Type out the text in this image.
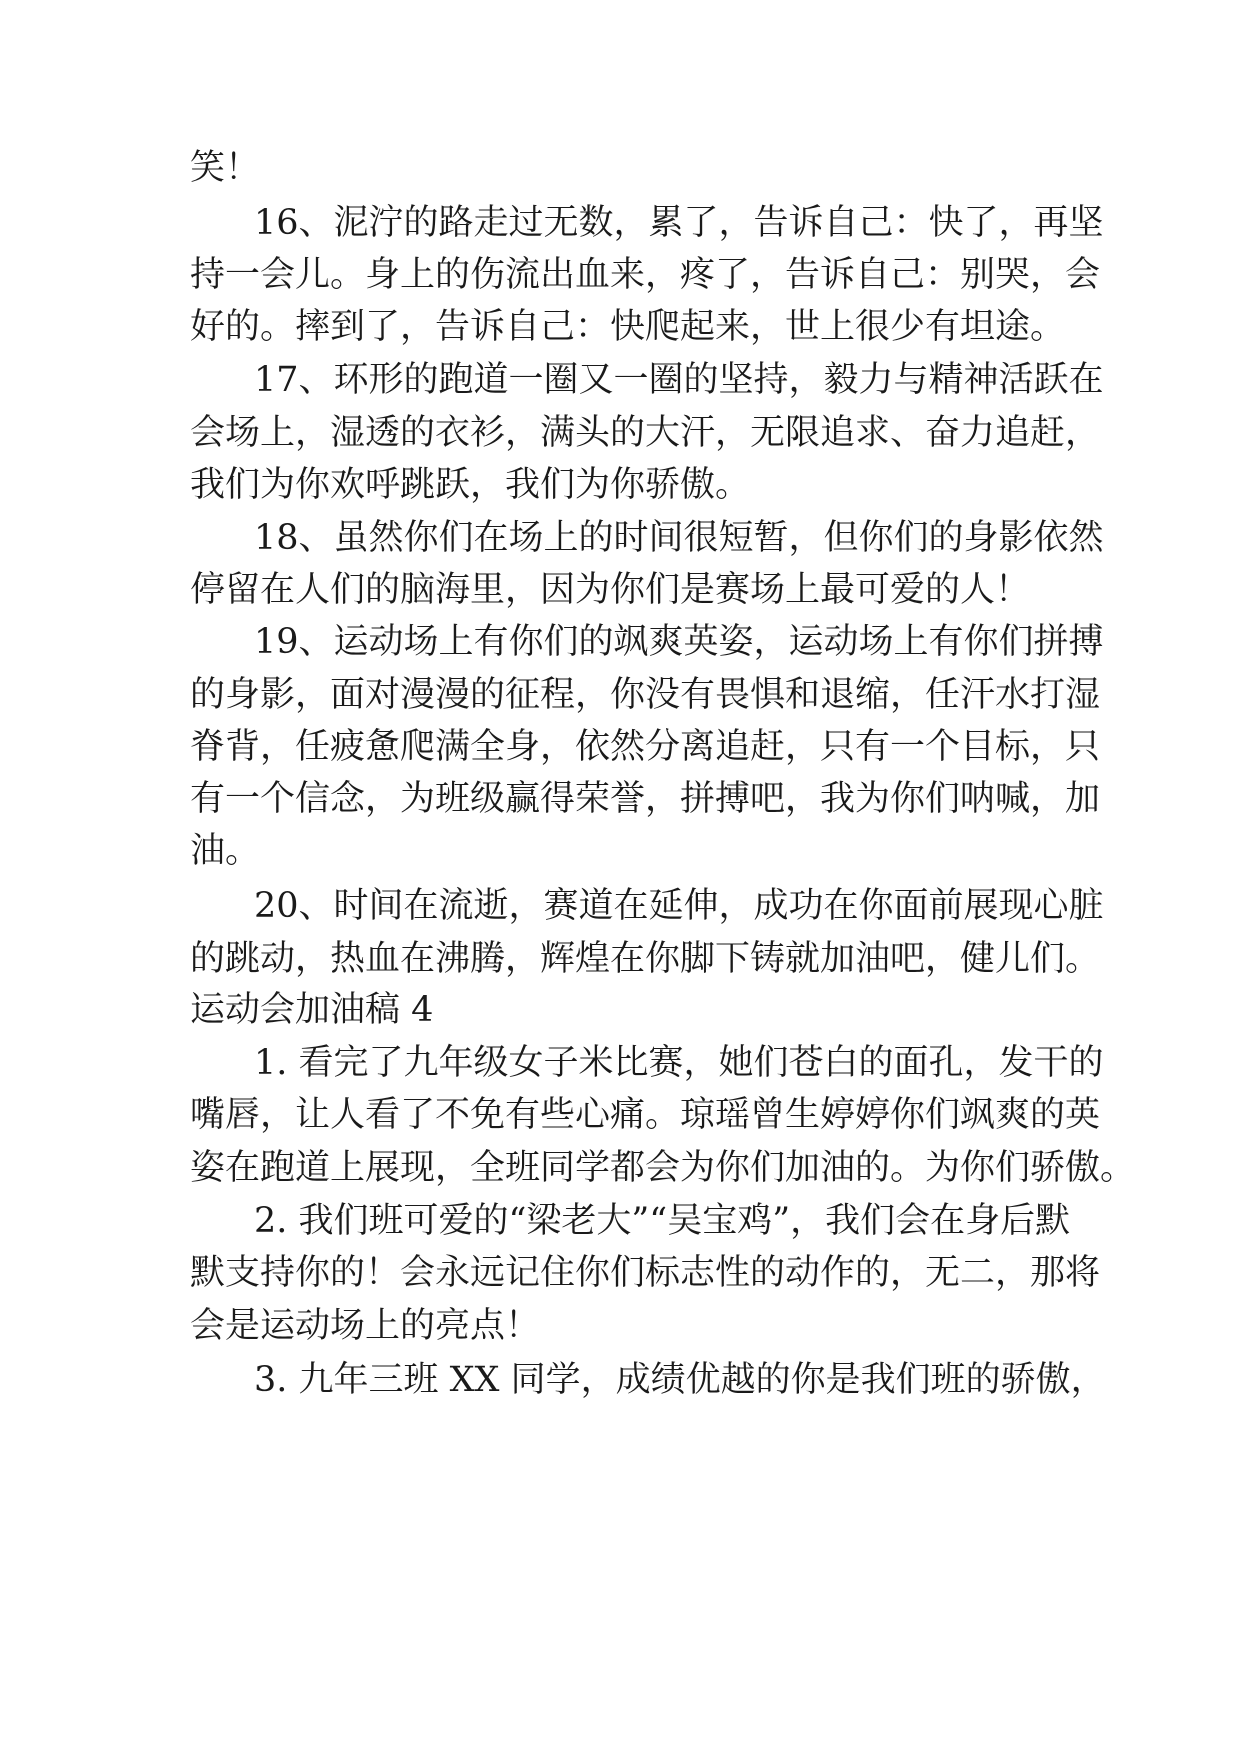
笑！
16、泥泞的路走过无数，累了，告诉自己：快了，再坚
持一会儿。身上的伤流出血来，疼了，告诉自己：别哭，会
好的。摔到了，告诉自己：快爬起来，世上很少有坦途。
17、环形的跑道一圈又一圈的坚持，毅力与精神活跃在
会场上，湿透的衣衫，满头的大汗，无限追求、奋力追赶，
我们为你欢呼跳跃，我们为你骄傲。
18、虽然你们在场上的时间很短暂，但你们的身影依然
停留在人们的脑海里，因为你们是赛场上最可爱的人！
19、运动场上有你们的飒爽英姿，运动场上有你们拼搏
的身影，面对漫漫的征程，你没有畏惧和退缩，任汗水打湿
脊背，任疲惫爬满全身，依然分离追赶，只有一个目标，只
有一个信念，为班级赢得荣誉，拼搏吧，我为你们呐喊，加
油。
20、时间在流逝，赛道在延伸，成功在你面前展现心脏
的跳动，热血在沸腾，辉煌在你脚下铸就加油吧，健儿们。
运动会加油稿 4
1. 看完了九年级女子米比赛，她们苍白的面孔，发干的
嘴唇，让人看了不免有些心痛。琼瑶曾生婷婷你们飒爽的英
姿在跑道上展现，全班同学都会为你们加油的。为你们骄傲。
2. 我们班可爱的“梁老大”“吴宝鸡”，我们会在身后默
默支持你的！会永远记住你们标志性的动作的，无二，那将
会是运动场上的亮点！
3. 九年三班 XX 同学，成绩优越的你是我们班的骄傲，
